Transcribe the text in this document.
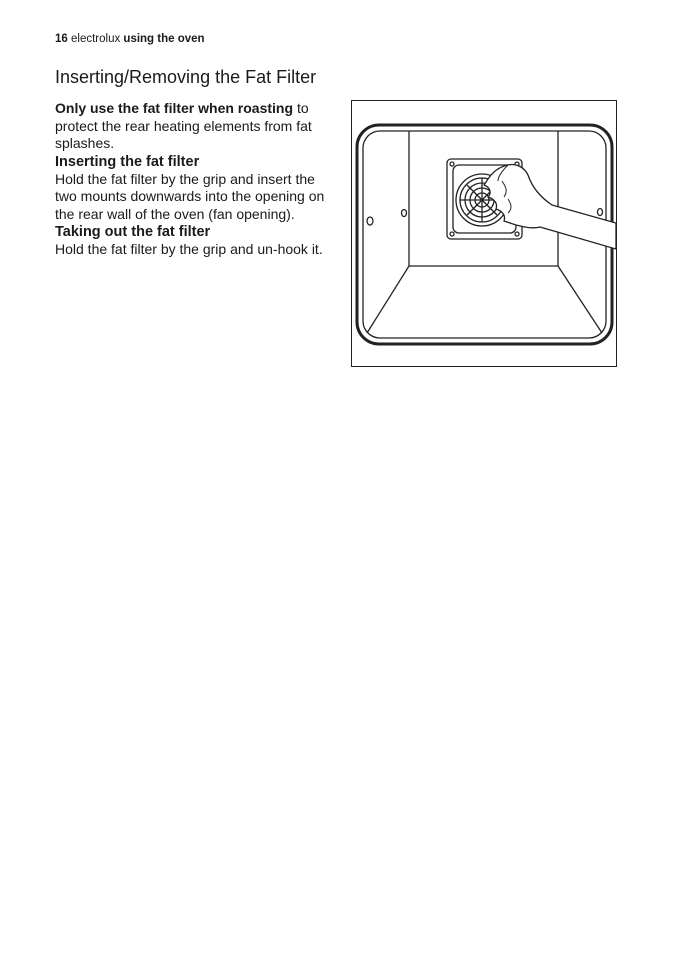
16 electrolux using the oven
Inserting/Removing the Fat Filter

Only use the fat filter when roasting to protect the rear heating elements from fat splashes.

Inserting the fat filter

Hold the fat filter by the grip and insert the two mounts downwards into the opening on the rear wall of the oven (fan opening).

Taking out the fat filter

Hold the fat filter by the grip and un-hook it.
